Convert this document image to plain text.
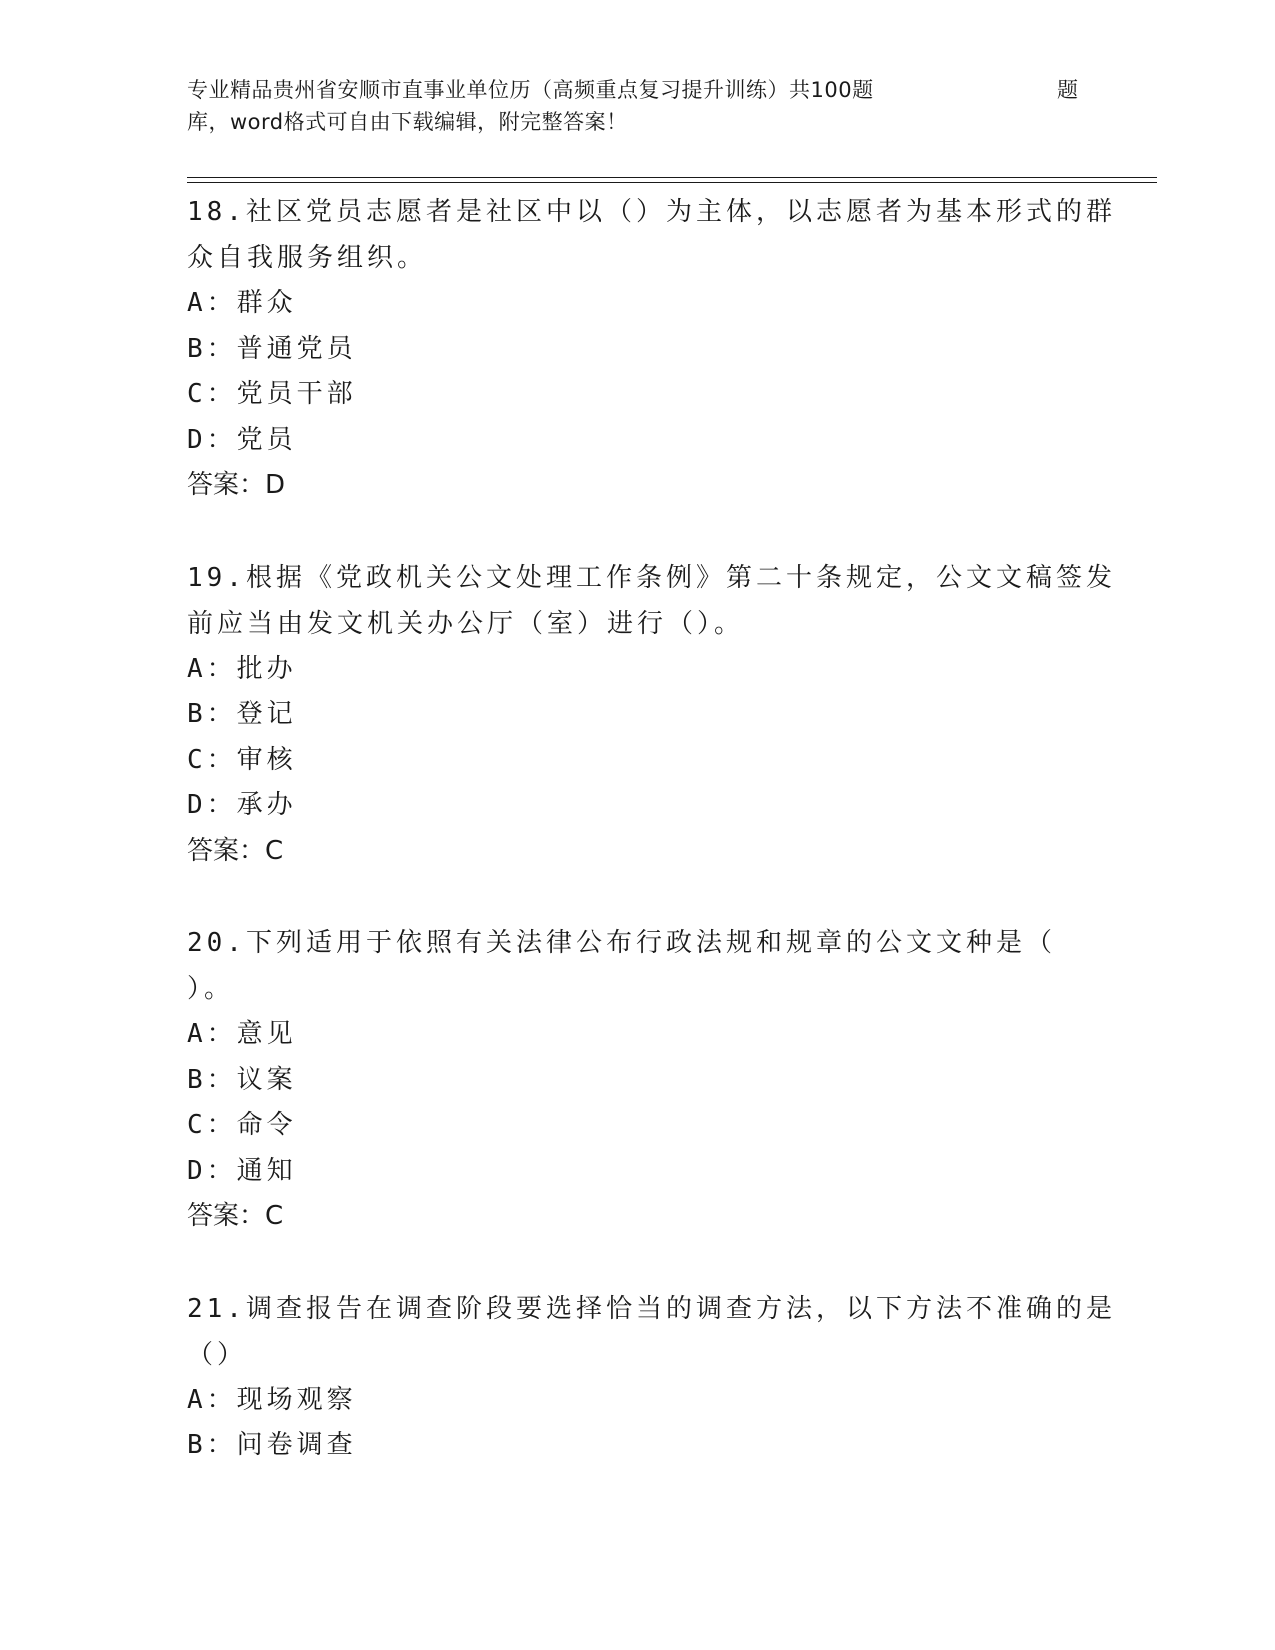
专业精品贵州省安顺市直事业单位历（高频重点复习提升训练）共100题	题
库，word格式可自由下载编辑，附完整答案！
18.社区党员志愿者是社区中以（）为主体，以志愿者为基本形式的群
众自我服务组织。
A：群众
B：普通党员
C：党员干部
D：党员
答案：D
19.根据《党政机关公文处理工作条例》第二十条规定，公文文稿签发
前应当由发文机关办公厅（室）进行（）。
A：批办
B：登记
C：审核
D：承办
答案：C
20.下列适用于依照有关法律公布行政法规和规章的公文文种是（
）。
A：意见
B：议案
C：命令
D：通知
答案：C
21.调查报告在调查阶段要选择恰当的调查方法，以下方法不准确的是
（）
A：现场观察
B：问卷调查
